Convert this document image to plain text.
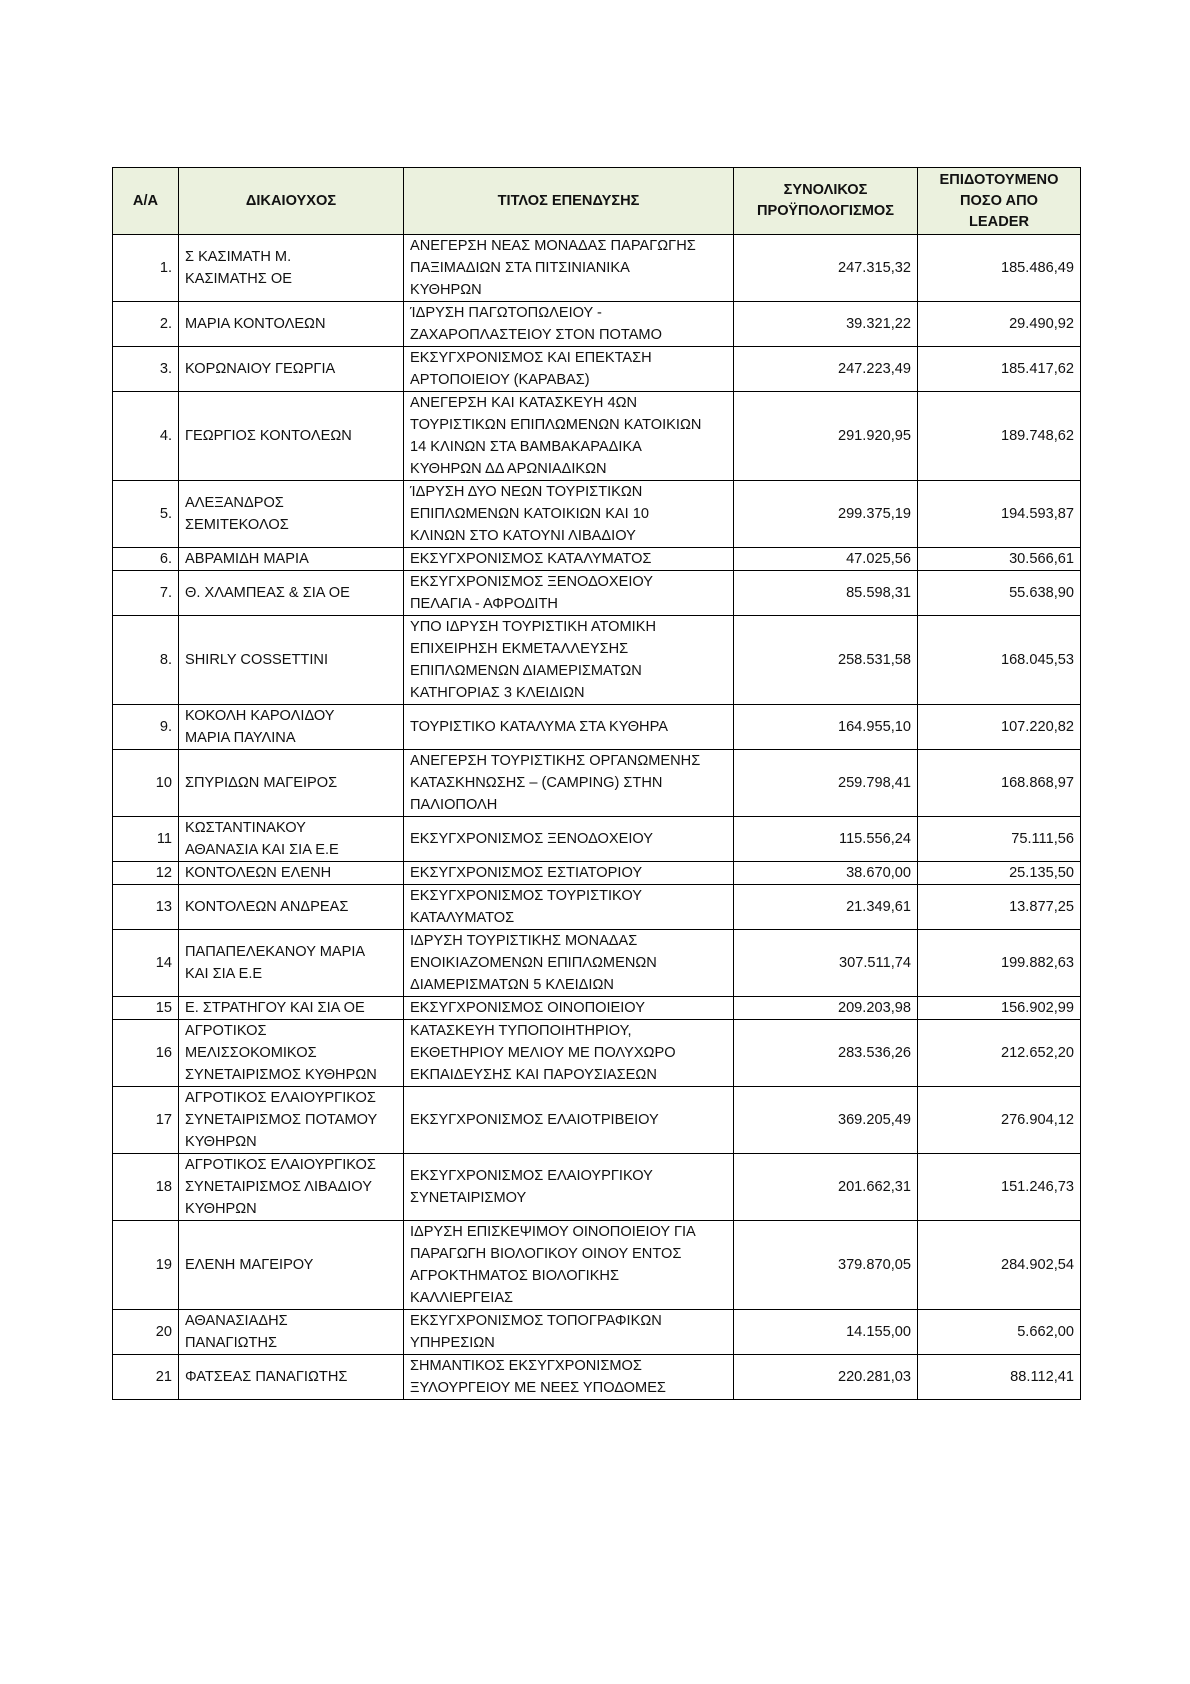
Α/Α	ΔΙΚΑΙΟΥΧΟΣ	ΤΙΤΛΟΣ ΕΠΕΝΔΥΣΗΣ	ΣΥΝΟΛΙΚΟΣ
ΠΡΟΫΠΟΛΟΓΙΣΜΟΣ	ΕΠΙΔΟΤΟΥΜΕΝΟ
ΠΟΣΟ ΑΠΟ
LEADER

1.	Σ ΚΑΣΙΜΑΤΗ Μ.
ΚΑΣΙΜΑΤΗΣ ΟΕ	ΑΝΕΓΕΡΣΗ ΝΕΑΣ ΜΟΝΑΔΑΣ ΠΑΡΑΓΩΓΗΣ
ΠΑΞΙΜΑΔΙΩΝ ΣΤΑ ΠΙΤΣΙΝΙΑΝΙΚΑ
ΚΥΘΗΡΩΝ	247.315,32	185.486,49

2.	ΜΑΡΙΑ ΚΟΝΤΟΛΕΩΝ	ΊΔΡΥΣΗ ΠΑΓΩΤΟΠΩΛΕΙΟΥ -
ΖΑΧΑΡΟΠΛΑΣΤΕΙΟΥ ΣΤΟΝ ΠΟΤΑΜΟ	39.321,22	29.490,92

3.	ΚΟΡΩΝΑΙΟΥ ΓΕΩΡΓΙΑ	ΕΚΣΥΓΧΡΟΝΙΣΜΟΣ ΚΑΙ ΕΠΕΚΤΑΣΗ
ΑΡΤΟΠΟΙΕΙΟΥ (ΚΑΡΑΒΑΣ)	247.223,49	185.417,62

4.	ΓΕΩΡΓΙΟΣ ΚΟΝΤΟΛΕΩΝ	ΑΝΕΓΕΡΣΗ ΚΑΙ ΚΑΤΑΣΚΕΥΗ 4ΩΝ
ΤΟΥΡΙΣΤΙΚΩΝ ΕΠΙΠΛΩΜΕΝΩΝ ΚΑΤΟΙΚΙΩΝ
14 ΚΛΙΝΩΝ ΣΤΑ ΒΑΜΒΑΚΑΡΑΔΙΚΑ
ΚΥΘΗΡΩΝ ΔΔ ΑΡΩΝΙΑΔΙΚΩΝ	291.920,95	189.748,62

5.	ΑΛΕΞΑΝΔΡΟΣ
ΣΕΜΙΤΕΚΟΛΟΣ	ΊΔΡΥΣΗ ΔΥΟ ΝΕΩΝ ΤΟΥΡΙΣΤΙΚΩΝ
ΕΠΙΠΛΩΜΕΝΩΝ ΚΑΤΟΙΚΙΩΝ ΚΑΙ 10
ΚΛΙΝΩΝ ΣΤΟ ΚΑΤΟΥΝΙ ΛΙΒΑΔΙΟΥ	299.375,19	194.593,87

6.	ΑΒΡΑΜΙΔΗ ΜΑΡΙΑ	ΕΚΣΥΓΧΡΟΝΙΣΜΟΣ ΚΑΤΑΛΥΜΑΤΟΣ	47.025,56	30.566,61

7.	Θ. ΧΛΑΜΠΕΑΣ & ΣΙΑ ΟΕ	ΕΚΣΥΓΧΡΟΝΙΣΜΟΣ ΞΕΝΟΔΟΧΕΙΟΥ
ΠΕΛΑΓΙΑ - ΑΦΡΟΔΙΤΗ	85.598,31	55.638,90

8.	SHIRLY COSSETTINI	ΥΠΟ ΙΔΡΥΣΗ ΤΟΥΡΙΣΤΙΚΗ ΑΤΟΜΙΚΗ
ΕΠΙΧΕΙΡΗΣΗ ΕΚΜΕΤΑΛΛΕΥΣΗΣ
ΕΠΙΠΛΩΜΕΝΩΝ ΔΙΑΜΕΡΙΣΜΑΤΩΝ
ΚΑΤΗΓΟΡΙΑΣ 3 ΚΛΕΙΔΙΩΝ	258.531,58	168.045,53

9.	ΚΟΚΟΛΗ ΚΑΡΟΛΙΔΟΥ
ΜΑΡΙΑ ΠΑΥΛΙΝΑ	ΤΟΥΡΙΣΤΙΚΟ ΚΑΤΑΛΥΜΑ ΣΤΑ ΚΥΘΗΡΑ	164.955,10	107.220,82

10	ΣΠΥΡΙΔΩΝ ΜΑΓΕΙΡΟΣ	ΑΝΕΓΕΡΣΗ ΤΟΥΡΙΣΤΙΚΗΣ ΟΡΓΑΝΩΜΕΝΗΣ
ΚΑΤΑΣΚΗΝΩΣΗΣ – (CAMPING) ΣΤΗΝ
ΠΑΛΙΟΠΟΛΗ	259.798,41	168.868,97

11	ΚΩΣΤΑΝΤΙΝΑΚΟΥ
ΑΘΑΝΑΣΙΑ ΚΑΙ ΣΙΑ Ε.Ε	ΕΚΣΥΓΧΡΟΝΙΣΜΟΣ ΞΕΝΟΔΟΧΕΙΟΥ	115.556,24	75.111,56

12	ΚΟΝΤΟΛΕΩΝ ΕΛΕΝΗ	ΕΚΣΥΓΧΡΟΝΙΣΜΟΣ ΕΣΤΙΑΤΟΡΙΟΥ	38.670,00	25.135,50

13	ΚΟΝΤΟΛΕΩΝ ΑΝΔΡΕΑΣ	ΕΚΣΥΓΧΡΟΝΙΣΜΟΣ ΤΟΥΡΙΣΤΙΚΟΥ
ΚΑΤΑΛΥΜΑΤΟΣ	21.349,61	13.877,25

14	ΠΑΠΑΠΕΛΕΚΑΝΟΥ ΜΑΡΙΑ
ΚΑΙ ΣΙΑ Ε.Ε	ΙΔΡΥΣΗ ΤΟΥΡΙΣΤΙΚΗΣ ΜΟΝΑΔΑΣ
ΕΝΟΙΚΙΑΖΟΜΕΝΩΝ ΕΠΙΠΛΩΜΕΝΩΝ
ΔΙΑΜΕΡΙΣΜΑΤΩΝ 5 ΚΛΕΙΔΙΩΝ	307.511,74	199.882,63

15	Ε. ΣΤΡΑΤΗΓΟΥ ΚΑΙ ΣΙΑ ΟΕ	ΕΚΣΥΓΧΡΟΝΙΣΜΟΣ ΟΙΝΟΠΟΙΕΙΟΥ	209.203,98	156.902,99

16	ΑΓΡΟΤΙΚΟΣ
ΜΕΛΙΣΣΟΚΟΜΙΚΟΣ
ΣΥΝΕΤΑΙΡΙΣΜΟΣ ΚΥΘΗΡΩΝ	ΚΑΤΑΣΚΕΥΗ ΤΥΠΟΠΟΙΗΤΗΡΙΟΥ,
ΕΚΘΕΤΗΡΙΟΥ ΜΕΛΙΟΥ ΜΕ ΠΟΛΥΧΩΡΟ
ΕΚΠΑΙΔΕΥΣΗΣ ΚΑΙ ΠΑΡΟΥΣΙΑΣΕΩΝ	283.536,26	212.652,20

17	ΑΓΡΟΤΙΚΟΣ ΕΛΑΙΟΥΡΓΙΚΟΣ
ΣΥΝΕΤΑΙΡΙΣΜΟΣ ΠΟΤΑΜΟΥ
ΚΥΘΗΡΩΝ	ΕΚΣΥΓΧΡΟΝΙΣΜΟΣ ΕΛΑΙΟΤΡΙΒΕΙΟΥ	369.205,49	276.904,12

18	ΑΓΡΟΤΙΚΟΣ ΕΛΑΙΟΥΡΓΙΚΟΣ
ΣΥΝΕΤΑΙΡΙΣΜΟΣ ΛΙΒΑΔΙΟΥ
ΚΥΘΗΡΩΝ	ΕΚΣΥΓΧΡΟΝΙΣΜΟΣ ΕΛΑΙΟΥΡΓΙΚΟΥ
ΣΥΝΕΤΑΙΡΙΣΜΟΥ	201.662,31	151.246,73

19	ΕΛΕΝΗ ΜΑΓΕΙΡΟΥ	ΙΔΡΥΣΗ ΕΠΙΣΚΕΨΙΜΟΥ ΟΙΝΟΠΟΙΕΙΟΥ ΓΙΑ
ΠΑΡΑΓΩΓΗ ΒΙΟΛΟΓΙΚΟΥ ΟΙΝΟΥ ΕΝΤΟΣ
ΑΓΡΟΚΤΗΜΑΤΟΣ ΒΙΟΛΟΓΙΚΗΣ
ΚΑΛΛΙΕΡΓΕΙΑΣ	379.870,05	284.902,54

20	ΑΘΑΝΑΣΙΑΔΗΣ
ΠΑΝΑΓΙΩΤΗΣ	ΕΚΣΥΓΧΡΟΝΙΣΜΟΣ ΤΟΠΟΓΡΑΦΙΚΩΝ
ΥΠΗΡΕΣΙΩΝ	14.155,00	5.662,00

21	ΦΑΤΣΕΑΣ ΠΑΝΑΓΙΩΤΗΣ	ΣΗΜΑΝΤΙΚΟΣ ΕΚΣΥΓΧΡΟΝΙΣΜΟΣ
ΞΥΛΟΥΡΓΕΙΟΥ ΜΕ ΝΕΕΣ ΥΠΟΔΟΜΕΣ	220.281,03	88.112,41
